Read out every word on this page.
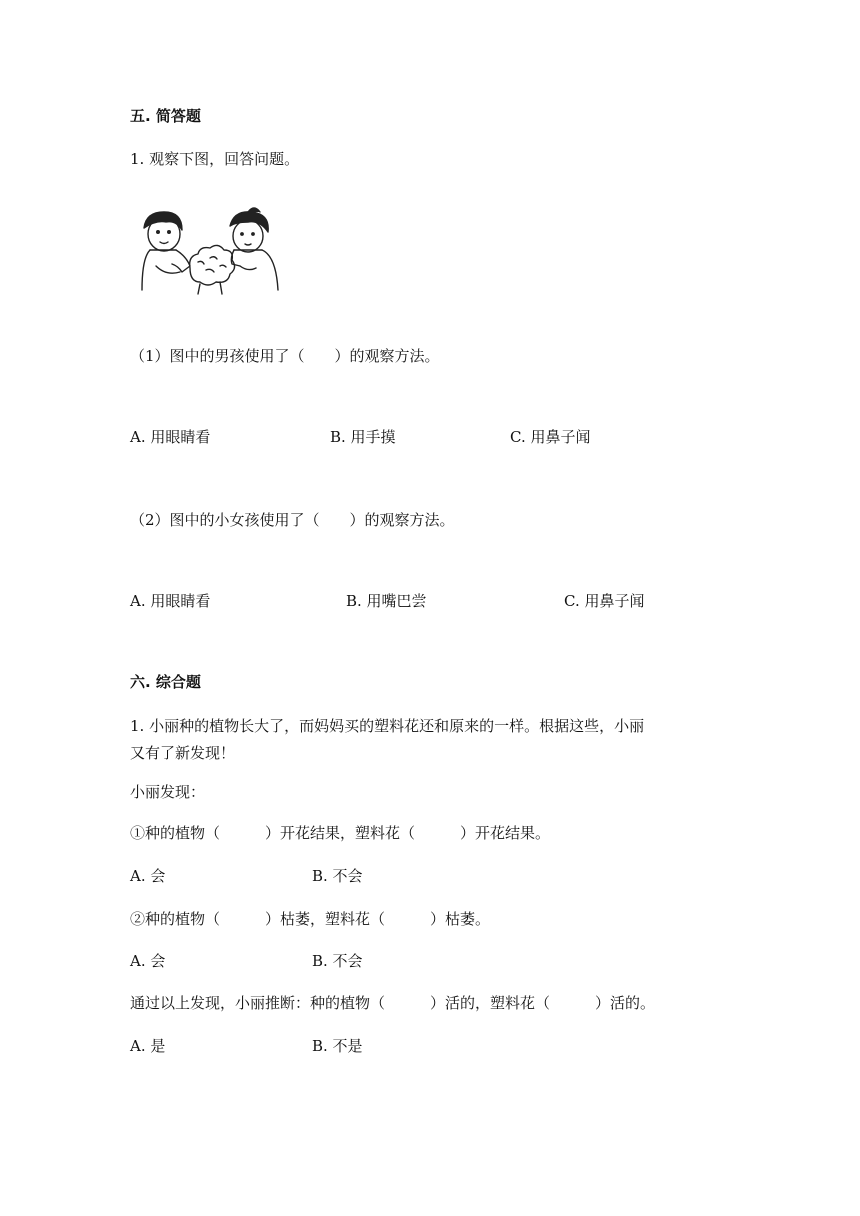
五. 简答题
1. 观察下图，回答问题。
（1）图中的男孩使用了（　　）的观察方法。
A. 用眼睛看	B. 用手摸	C. 用鼻子闻
（2）图中的小女孩使用了（　　）的观察方法。
A. 用眼睛看	B. 用嘴巴尝	C. 用鼻子闻
六. 综合题
1. 小丽种的植物长大了，而妈妈买的塑料花还和原来的一样。根据这些，小丽
又有了新发现！
小丽发现：
①种的植物（　　　）开花结果，塑料花（　　　）开花结果。
A. 会	B. 不会
②种的植物（　　　）枯萎，塑料花（　　　）枯萎。
A. 会	B. 不会
通过以上发现，小丽推断：种的植物（　　　）活的，塑料花（　　　）活的。
A. 是	B. 不是
